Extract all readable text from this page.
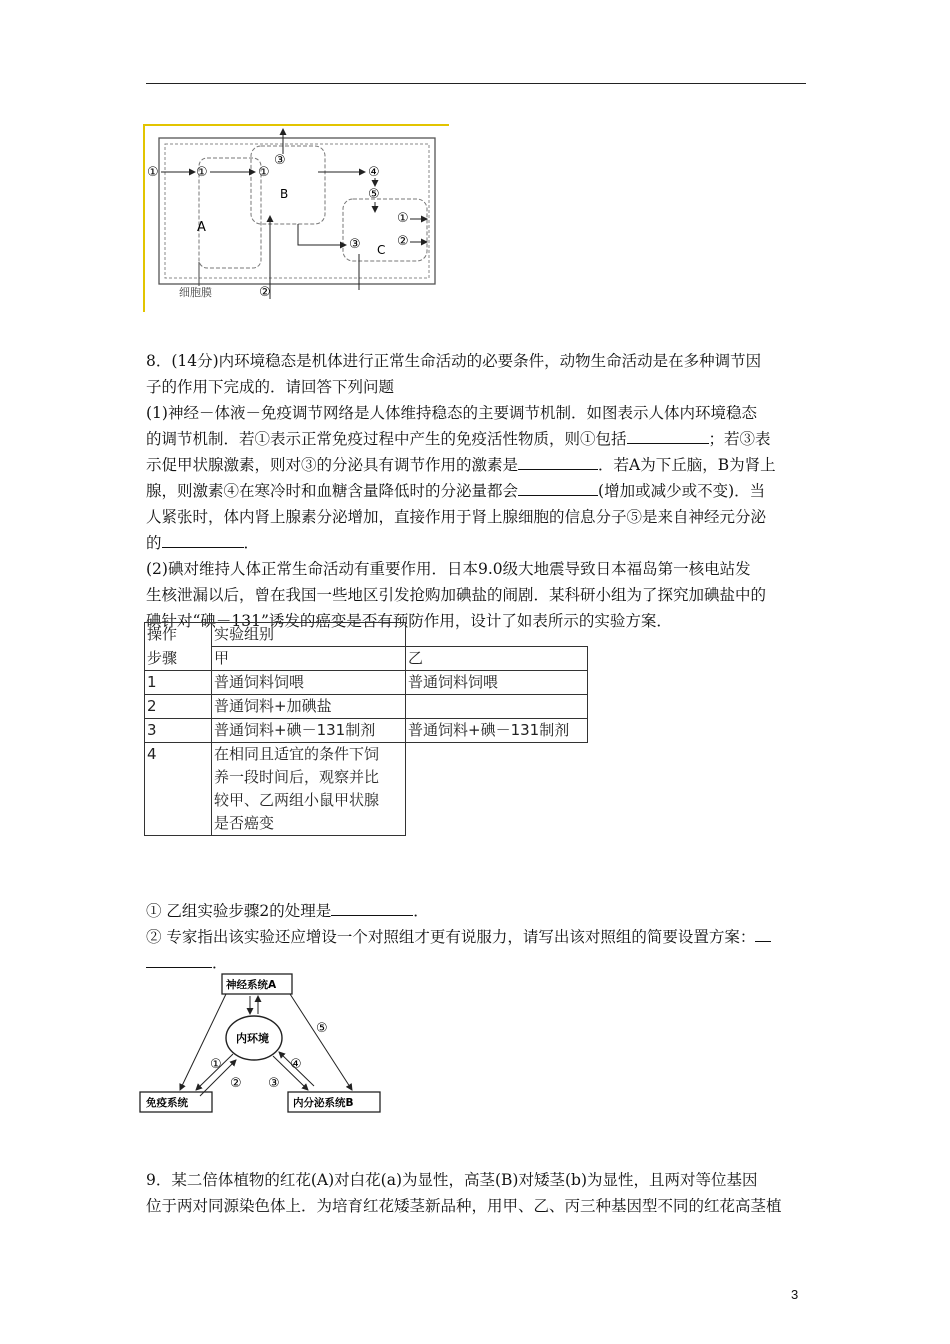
①	①	①
③
④
⑤
①
②
③
②
A
B
C
细胞膜
8．(14分)内环境稳态是机体进行正常生命活动的必要条件，动物生命活动是在多种调节因
子的作用下完成的．请回答下列问题
(1)神经－体液－免疫调节网络是人体维持稳态的主要调节机制．如图表示人体内环境稳态
的调节机制．若①表示正常免疫过程中产生的免疫活性物质，则①包括	；若③表
示促甲状腺激素，则对③的分泌具有调节作用的激素是	．若A为下丘脑，B为肾上
腺，则激素④在寒冷时和血糖含量降低时的分泌量都会	(增加或减少或不变)．当
人紧张时，体内肾上腺素分泌增加，直接作用于肾上腺细胞的信息分子⑤是来自神经元分泌
的	．
(2)碘对维持人体正常生命活动有重要作用．日本9.0级大地震导致日本福岛第一核电站发
生核泄漏以后，曾在我国一些地区引发抢购加碘盐的闹剧．某科研小组为了探究加碘盐中的
碘针对“碘－131”诱发的癌变是否有预防作用，设计了如表所示的实验方案．
操作	实验组别	
步骤	甲	乙
1	普通饲料饲喂	普通饲料饲喂
2	普通饲料+加碘盐	
3	普通饲料+碘－131制剂	普通饲料+碘－131制剂
4	在相同且适宜的条件下饲
养一段时间后，观察并比
较甲、乙两组小鼠甲状腺
是否癌变	

① 乙组实验步骤2的处理是	．
② 专家指出该实验还应增设一个对照组才更有说服力，请写出该对照组的简要设置方案：
．
神经系统A
内环境
免疫系统	内分泌系统B
①
② ③
④
⑤
9．某二倍体植物的红花(A)对白花(a)为显性，高茎(B)对矮茎(b)为显性，且两对等位基因
位于两对同源染色体上．为培育红花矮茎新品种，用甲、乙、丙三种基因型不同的红花高茎植
3
